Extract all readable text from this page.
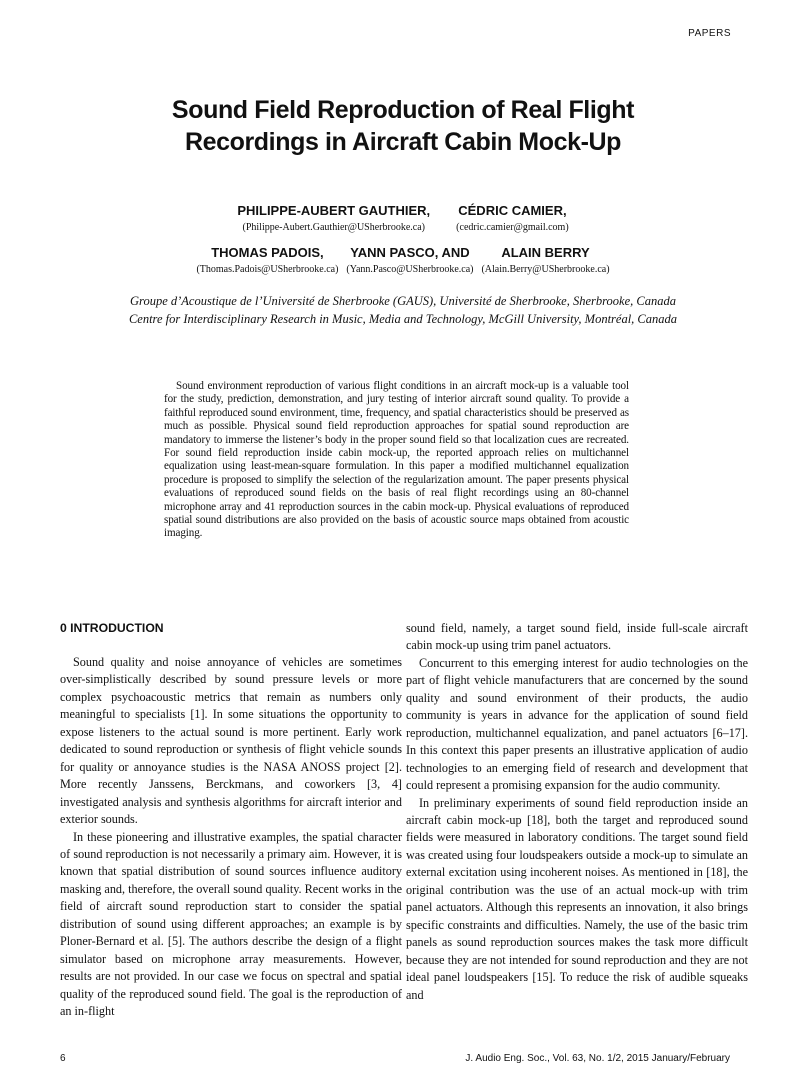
PAPERS
Sound Field Reproduction of Real Flight
Recordings in Aircraft Cabin Mock-Up
PHILIPPE-AUBERT GAUTHIER,
(Philippe-Aubert.Gauthier@USherbrooke.ca)
CÉDRIC CAMIER,
(cedric.camier@gmail.com)
THOMAS PADOIS,
(Thomas.Padois@USherbrooke.ca)
YANN PASCO, AND
(Yann.Pasco@USherbrooke.ca)
ALAIN BERRY
(Alain.Berry@USherbrooke.ca)
Groupe d’Acoustique de l’Université de Sherbrooke (GAUS), Université de Sherbrooke, Sherbrooke, Canada
Centre for Interdisciplinary Research in Music, Media and Technology, McGill University, Montréal, Canada
Sound environment reproduction of various flight conditions in an aircraft mock-up is a valuable tool for the study, prediction, demonstration, and jury testing of interior aircraft sound quality. To provide a faithful reproduced sound environment, time, frequency, and spatial characteristics should be preserved as much as possible. Physical sound field reproduction approaches for spatial sound reproduction are mandatory to immerse the listener’s body in the proper sound field so that localization cues are recreated. For sound field reproduction inside cabin mock-up, the reported approach relies on multichannel equalization using least-mean-square formulation. In this paper a modified multichannel equalization procedure is proposed to simplify the selection of the regularization amount. The paper presents physical evaluations of reproduced sound fields on the basis of real flight recordings using an 80-channel microphone array and 41 reproduction sources in the cabin mock-up. Physical evaluations of reproduced spatial sound distributions are also provided on the basis of acoustic source maps obtained from acoustic imaging.
0 INTRODUCTION

Sound quality and noise annoyance of vehicles are sometimes over-simplistically described by sound pressure levels or more complex psychoacoustic metrics that remain as numbers only meaningful to specialists [1]. In some situations the opportunity to expose listeners to the actual sound is more pertinent. Early work dedicated to sound reproduction or synthesis of flight vehicle sounds for quality or annoyance studies is the NASA ANOSS project [2]. More recently Janssens, Berckmans, and coworkers [3, 4] investigated analysis and synthesis algorithms for aircraft interior and exterior sounds.

In these pioneering and illustrative examples, the spatial character of sound reproduction is not necessarily a primary aim. However, it is known that spatial distribution of sound sources influence auditory masking and, therefore, the overall sound quality. Recent works in the field of aircraft sound reproduction start to consider the spatial distribution of sound using different approaches; an example is by Ploner-Bernard et al. [5]. The authors describe the design of a flight simulator based on microphone array measurements. However, results are not provided. In our case we focus on spectral and spatial quality of the reproduced sound field. The goal is the reproduction of an in-flight

sound field, namely, a target sound field, inside full-scale aircraft cabin mock-up using trim panel actuators.

Concurrent to this emerging interest for audio technologies on the part of flight vehicle manufacturers that are concerned by the sound quality and sound environment of their products, the audio community is years in advance for the application of sound field reproduction, multichannel equalization, and panel actuators [6–17]. In this context this paper presents an illustrative application of audio technologies to an emerging field of research and development that could represent a promising expansion for the audio community.

In preliminary experiments of sound field reproduction inside an aircraft cabin mock-up [18], both the target and reproduced sound fields were measured in laboratory conditions. The target sound field was created using four loudspeakers outside a mock-up to simulate an external excitation using incoherent noises. As mentioned in [18], the original contribution was the use of an actual mock-up with trim panel actuators. Although this represents an innovation, it also brings specific constraints and difficulties. Namely, the use of the basic trim panels as sound reproduction sources makes the task more difficult because they are not intended for sound reproduction and they are not ideal panel loudspeakers [15]. To reduce the risk of audible squeaks and

6	J. Audio Eng. Soc., Vol. 63, No. 1/2, 2015 January/February
